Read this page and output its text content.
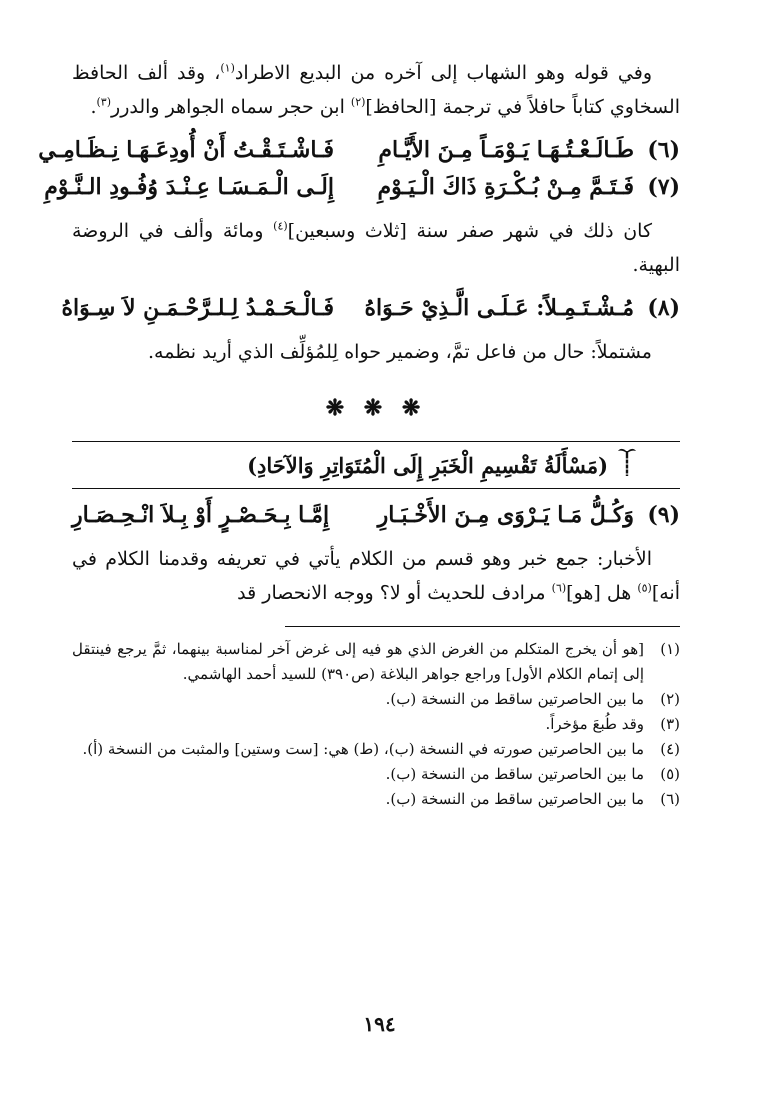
وفي قوله وهو الشهاب إلى آخره من البديع الاطراد$^{(١)}$، وقد ألف الحافظ السخاوي كتاباً حافلاً في ترجمة [الحافظ]$^{(٢)}$ ابن حجر سماه الجواهر والدرر$^{(٣)}$.

(٦)
طَـالَـعْـتُـهَـا يَـوْمَـاً مِـنَ الأَيَّـامِ
فَـاشْـتَـقْـتُ أَنْ أُودِعَـهَـا نِـظَـامِـي
(٧)
فَـتَـمَّ مِـنْ بُـكْـرَةِ ذَاكَ الْـيَـوْمِ
إِلَـى الْـمَـسَـا عِـنْـدَ وُفُـودِ الـنَّـوْمِ

كان ذلك في شهر صفر سنة [ثلاث وسبعين]$^{(٤)}$ ومائة وألف في الروضة البهية.

(٨)
مُـشْـتَـمِـلاً: عَـلَـى الَّـذِيْ حَـوَاهُ
فَـالْـحَـمْـدُ لِـلـرَّحْـمَـنِ لاَ سِـوَاهُ

مشتملاً: حال من فاعل تمَّ، وضمير حواه لِلمُؤلِّف الذي أريد نظمه.

❋ ❋ ❋
(مَسْأَلَةُ تَقْسِيمِ الْخَبَرِ إِلَى الْمُتَوَاتِرِ وَالآحَادِ)
(٩)
وَكُـلُّ مَـا يَـرْوَى مِـنَ الأَخْـبَـارِ
إِمَّـا بِـحَـصْـرٍ أَوْ بِـلاَ انْـحِـصَـارِ

الأخبار: جمع خبر وهو قسم من الكلام يأتي في تعريفه وقدمنا الكلام في أنه]$^{(٥)}$ هل [هو]$^{(٦)}$ مرادف للحديث أو لا؟ ووجه الانحصار قد

(١)
[هو أن يخرج المتكلم من الغرض الذي هو فيه إلى غرض آخر لمناسبة بينهما، ثمَّ يرجع فينتقل إلى إتمام الكلام الأول] وراجع جواهر البلاغة (ص٣٩٠) للسيد أحمد الهاشمي.
(٢)
ما بين الحاصرتين ساقط من النسخة (ب).
(٣)
وقد طُبعَ مؤخراً.
(٤)
ما بين الحاصرتين صورته في النسخة (ب)، (ط) هي: [ست وستين] والمثبت من النسخة (أ).
(٥)
ما بين الحاصرتين ساقط من النسخة (ب).
(٦)
ما بين الحاصرتين ساقط من النسخة (ب).
١٩٤
